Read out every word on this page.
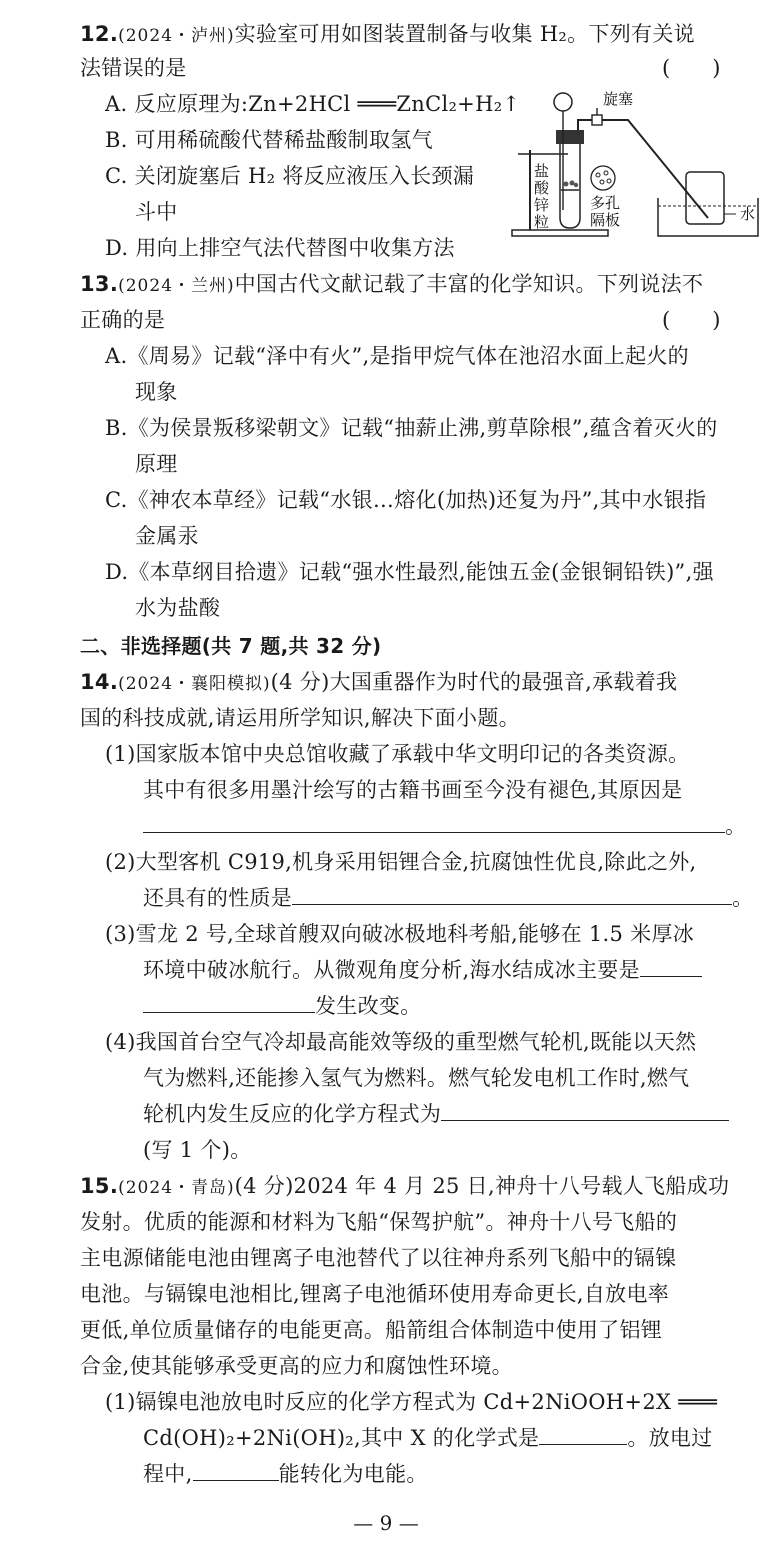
12.(2024・泸州)实验室可用如图装置制备与收集 H₂。下列有关说
法错误的是	(　　)
A. 反应原理为:Zn+2HCl ═══ZnCl₂+H₂↑
B. 可用稀硫酸代替稀盐酸制取氢气
C. 关闭旋塞后 H₂ 将反应液压入长颈漏
斗中
D. 用向上排空气法代替图中收集方法
旋塞
盐
酸
锌
粒
多孔
隔板	水
13.(2024・兰州)中国古代文献记载了丰富的化学知识。下列说法不
正确的是	(　　)
A.《周易》记载“泽中有火”,是指甲烷气体在池沼水面上起火的
现象
B.《为侯景叛移梁朝文》记载“抽薪止沸,剪草除根”,蕴含着灭火的
原理
C.《神农本草经》记载“水银…熔化(加热)还复为丹”,其中水银指
金属汞
D.《本草纲目拾遗》记载“强水性最烈,能蚀五金(金银铜铅铁)”,强
水为盐酸
二、非选择题(共 7 题,共 32 分)
14.(2024・襄阳模拟)(4 分)大国重器作为时代的最强音,承载着我
国的科技成就,请运用所学知识,解决下面小题。
(1)国家版本馆中央总馆收藏了承载中华文明印记的各类资源。
其中有很多用墨汁绘写的古籍书画至今没有褪色,其原因是
。
(2)大型客机 C919,机身采用铝锂合金,抗腐蚀性优良,除此之外,
还具有的性质是	。
(3)雪龙 2 号,全球首艘双向破冰极地科考船,能够在 1.5 米厚冰
环境中破冰航行。从微观角度分析,海水结成冰主要是
发生改变。
(4)我国首台空气冷却最高能效等级的重型燃气轮机,既能以天然
气为燃料,还能掺入氢气为燃料。燃气轮发电机工作时,燃气
轮机内发生反应的化学方程式为
(写 1 个)。
15.(2024・青岛)(4 分)2024 年 4 月 25 日,神舟十八号载人飞船成功
发射。优质的能源和材料为飞船“保驾护航”。神舟十八号飞船的
主电源储能电池由锂离子电池替代了以往神舟系列飞船中的镉镍
电池。与镉镍电池相比,锂离子电池循环使用寿命更长,自放电率
更低,单位质量储存的电能更高。船箭组合体制造中使用了铝锂
合金,使其能够承受更高的应力和腐蚀性环境。
(1)镉镍电池放电时反应的化学方程式为 Cd+2NiOOH+2X ═══
Cd(OH)₂+2Ni(OH)₂,其中 X 的化学式是	。放电过
程中,	能转化为电能。
— 9 —
